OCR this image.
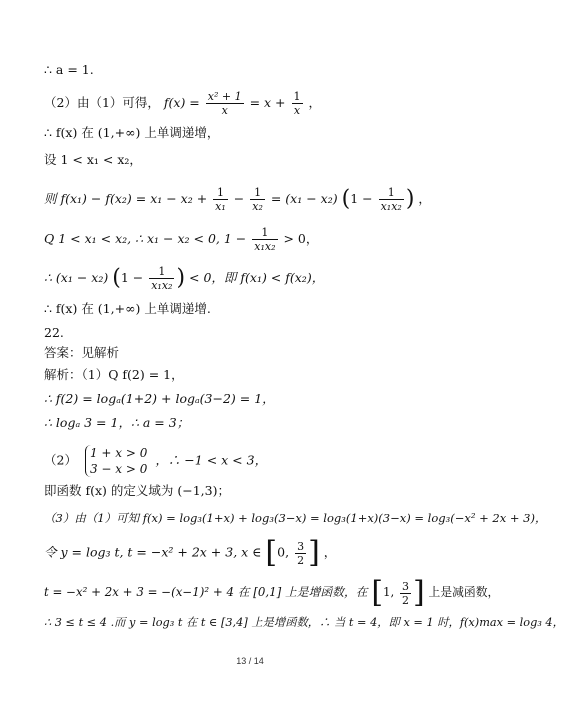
∴ a = 1.
（2）由（1）可得， $f(x) = \frac{\text{x² + 1}}{x} = x + \frac{1}{x}$ ，
∴ f(x) 在 (1,+∞) 上单调递增，
设 1 < x₁ < x₂，
则 $f(x_1) - f(x_2) = x_1 - x_2 + \frac{1}{\text{x₁}} - \frac{1}{\text{x₂}} = (x_1 - x_2) (1 - \frac{1}{\text{x₁x₂}}$ ) ，
Q 1 < x₁ < x₂, ∴ x₁ − x₂ < 0, $1 - \frac{1}{\text{x₁x₂}} > 0$，
∴ (x₁ − x₂) ($1 - \frac{1}{\text{x₁x₂}}$ ) < 0，即 f(x₁) < f(x₂)，
∴ f(x) 在 (1,+∞) 上单调递增.
22.
答案：见解析
解析：（1）Q f(2) = 1，
∴ f(2) = logₐ(1+2) + logₐ(3−2) = 1，
∴ logₐ 3 = 1，∴ a = 3；
（2） 1 + x > 0
3 − x > 0 ，∴ −1 < x < 3，
即函数 f(x) 的定义域为 (−1,3)；
（3）由（1）可知 f(x) = log₃(1+x) + log₃(3−x) = log₃(1+x)(3−x) = log₃(−x² + 2x + 3)，
令 y = log₃ t, t = −x² + 2x + 3, x ∈ [0, $\frac{3}{2}$ ] ，
t = −x² + 2x + 3 = −(x−1)² + 4 在 [0,1] 上是增函数，在 [1, $\frac{3}{2}$ ] 上是减函数，
∴ 3 ≤ t ≤ 4 .而 y = log₃ t 在 t ∈ [3,4] 上是增函数，∴ 当 t = 4，即 x = 1 时，f(x)max = log₃ 4，
13 / 14
